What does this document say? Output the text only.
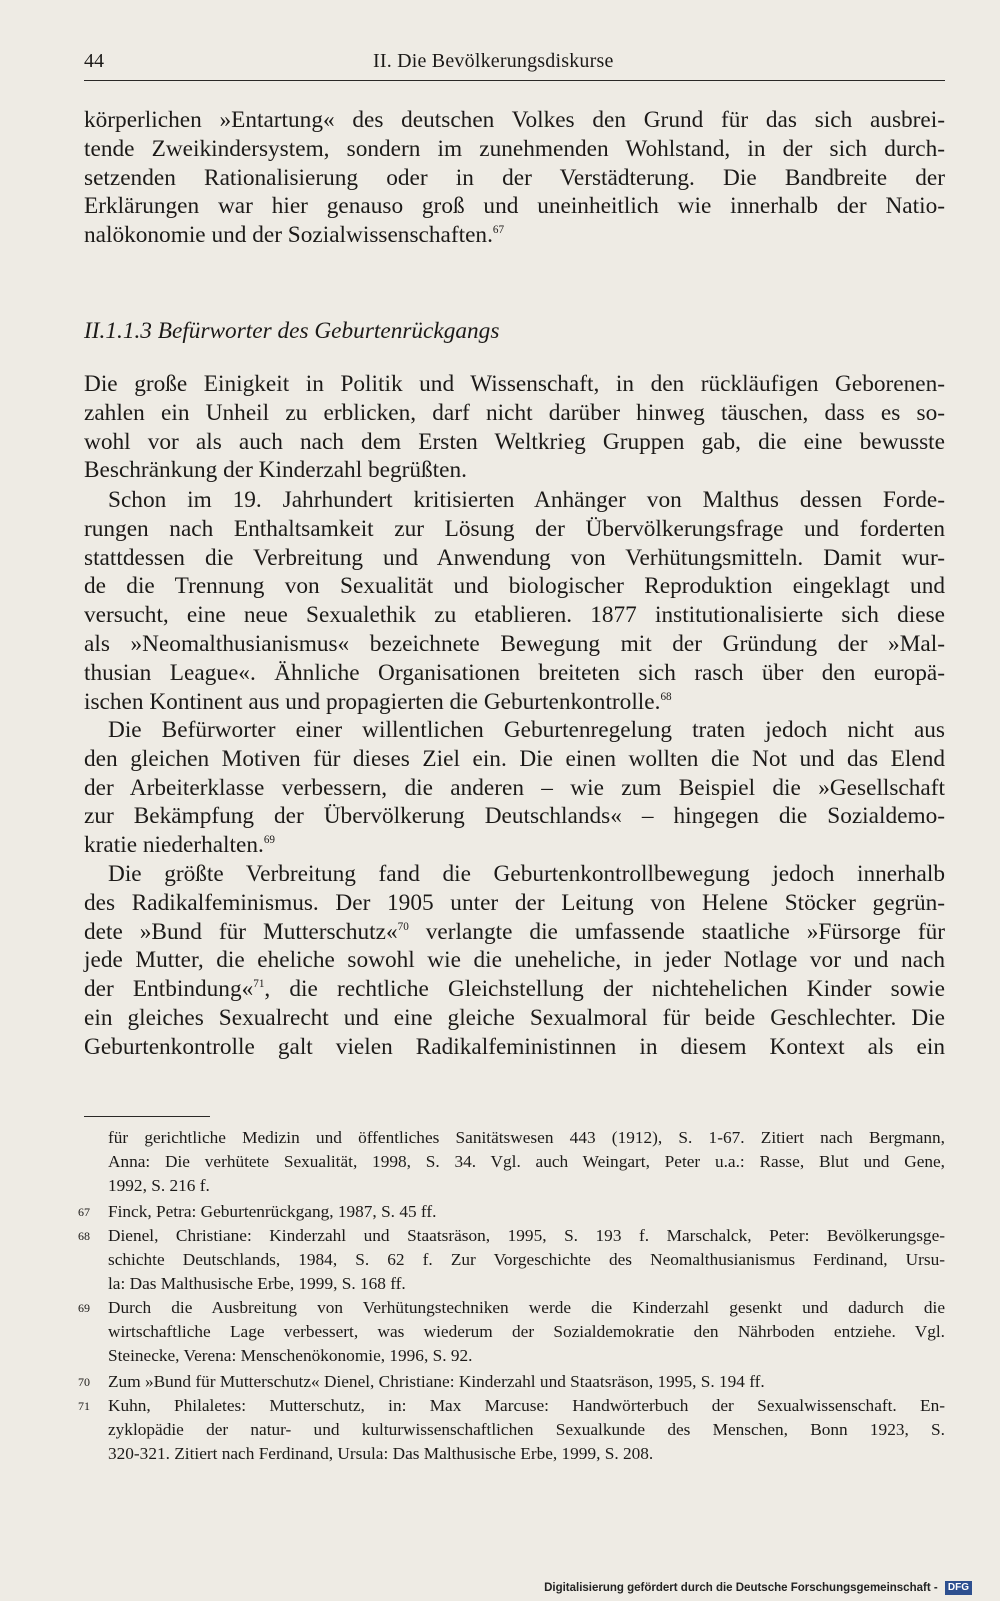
44	II. Die Bevölkerungsdiskurse
körperlichen »Entartung« des deutschen Volkes den Grund für das sich ausbrei-
tende Zweikindersystem, sondern im zunehmenden Wohlstand, in der sich durch-
setzenden Rationalisierung oder in der Verstädterung. Die Bandbreite der
Erklärungen war hier genauso groß und uneinheitlich wie innerhalb der Natio-
nalökonomie und der Sozialwissenschaften.$^{67}$
II.1.1.3 Befürworter des Geburtenrückgangs
Die große Einigkeit in Politik und Wissenschaft, in den rückläufigen Geborenen-
zahlen ein Unheil zu erblicken, darf nicht darüber hinweg täuschen, dass es so-
wohl vor als auch nach dem Ersten Weltkrieg Gruppen gab, die eine bewusste
Beschränkung der Kinderzahl begrüßten.
Schon im 19. Jahrhundert kritisierten Anhänger von Malthus dessen Forde-
rungen nach Enthaltsamkeit zur Lösung der Übervölkerungsfrage und forderten
stattdessen die Verbreitung und Anwendung von Verhütungsmitteln. Damit wur-
de die Trennung von Sexualität und biologischer Reproduktion eingeklagt und
versucht, eine neue Sexualethik zu etablieren. 1877 institutionalisierte sich diese
als »Neomalthusianismus« bezeichnete Bewegung mit der Gründung der »Mal-
thusian League«. Ähnliche Organisationen breiteten sich rasch über den europä-
ischen Kontinent aus und propagierten die Geburtenkontrolle.$^{68}$
Die Befürworter einer willentlichen Geburtenregelung traten jedoch nicht aus
den gleichen Motiven für dieses Ziel ein. Die einen wollten die Not und das Elend
der Arbeiterklasse verbessern, die anderen – wie zum Beispiel die »Gesellschaft
zur Bekämpfung der Übervölkerung Deutschlands« – hingegen die Sozialdemo-
kratie niederhalten.$^{69}$
Die größte Verbreitung fand die Geburtenkontrollbewegung jedoch innerhalb
des Radikalfeminismus. Der 1905 unter der Leitung von Helene Stöcker gegrün-
dete »Bund für Mutterschutz«$^{70}$ verlangte die umfassende staatliche »Fürsorge für
jede Mutter, die eheliche sowohl wie die uneheliche, in jeder Notlage vor und nach
der Entbindung«$^{71}$, die rechtliche Gleichstellung der nichtehelichen Kinder sowie
ein gleiches Sexualrecht und eine gleiche Sexualmoral für beide Geschlechter. Die
Geburtenkontrolle galt vielen Radikalfeministinnen in diesem Kontext als ein
für gerichtliche Medizin und öffentliches Sanitätswesen 443 (1912), S. 1-67. Zitiert nach Bergmann,
Anna: Die verhütete Sexualität, 1998, S. 34. Vgl. auch Weingart, Peter u.a.: Rasse, Blut und Gene,
1992, S. 216 f.
67 Finck, Petra: Geburtenrückgang, 1987, S. 45 ff.
68 Dienel, Christiane: Kinderzahl und Staatsräson, 1995, S. 193 f. Marschalck, Peter: Bevölkerungsge-
schichte Deutschlands, 1984, S. 62 f. Zur Vorgeschichte des Neomalthusianismus Ferdinand, Ursu-
la: Das Malthusische Erbe, 1999, S. 168 ff.
69 Durch die Ausbreitung von Verhütungstechniken werde die Kinderzahl gesenkt und dadurch die
wirtschaftliche Lage verbessert, was wiederum der Sozialdemokratie den Nährboden entziehe. Vgl.
Steinecke, Verena: Menschenökonomie, 1996, S. 92.
70 Zum »Bund für Mutterschutz« Dienel, Christiane: Kinderzahl und Staatsräson, 1995, S. 194 ff.
71 Kuhn, Philaletes: Mutterschutz, in: Max Marcuse: Handwörterbuch der Sexualwissenschaft. En-
zyklopädie der natur- und kulturwissenschaftlichen Sexualkunde des Menschen, Bonn 1923, S.
320-321. Zitiert nach Ferdinand, Ursula: Das Malthusische Erbe, 1999, S. 208.
Digitalisierung gefördert durch die Deutsche Forschungsgemeinschaft - DFG
